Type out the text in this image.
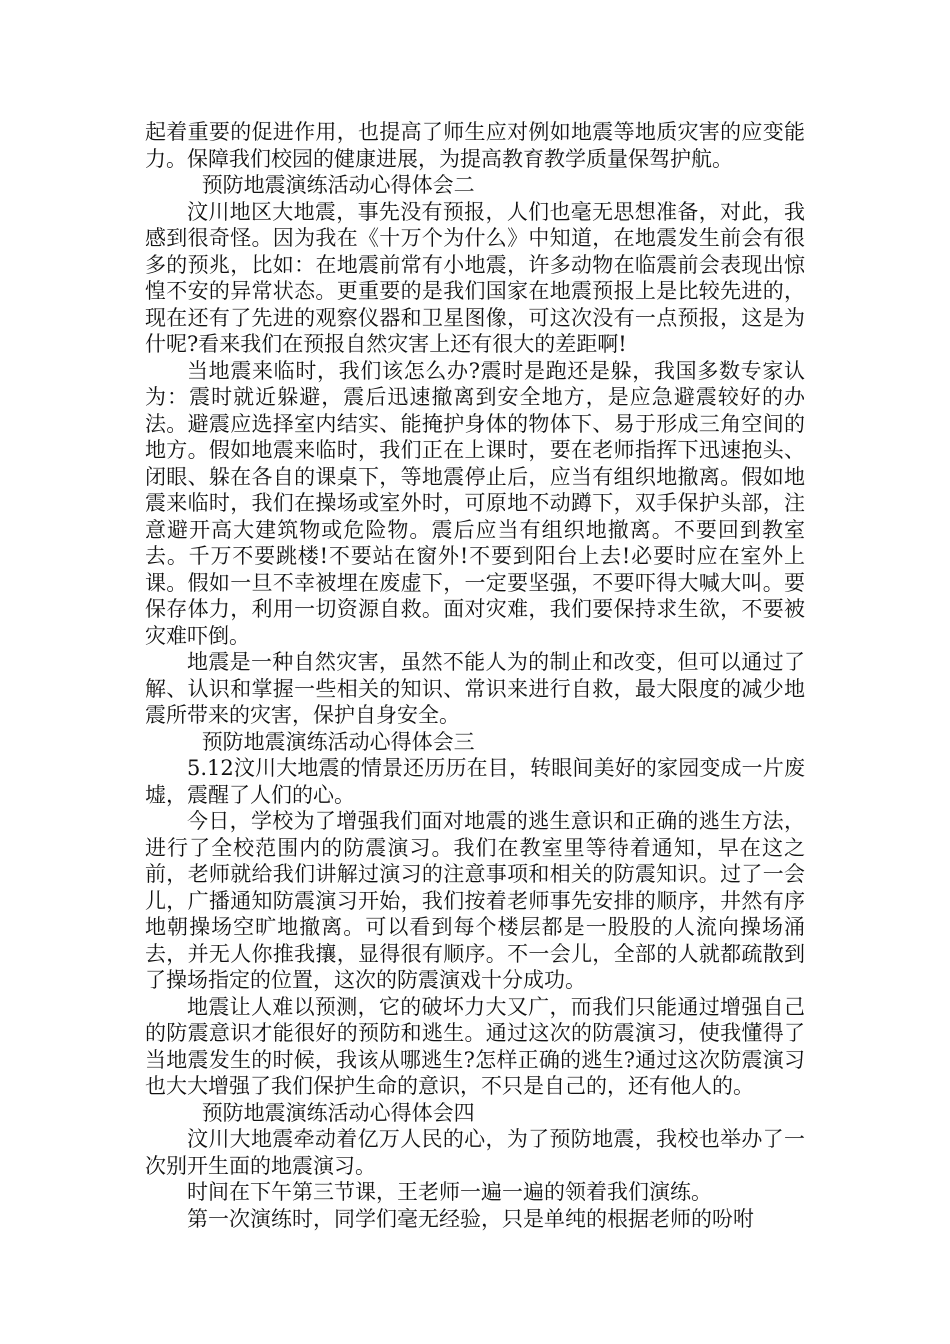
起着重要的促进作用，也提高了师生应对例如地震等地质灾害的应变能力。保障我们校园的健康进展，为提高教育教学质量保驾护航。

预防地震演练活动心得体会二

汶川地区大地震，事先没有预报，人们也毫无思想准备，对此，我感到很奇怪。因为我在《十万个为什么》中知道，在地震发生前会有很多的预兆，比如：在地震前常有小地震，许多动物在临震前会表现出惊惶不安的异常状态。更重要的是我们国家在地震预报上是比较先进的，现在还有了先进的观察仪器和卫星图像，可这次没有一点预报，这是为什呢?看来我们在预报自然灾害上还有很大的差距啊!

当地震来临时，我们该怎么办?震时是跑还是躲，我国多数专家认为：震时就近躲避，震后迅速撤离到安全地方，是应急避震较好的办法。避震应选择室内结实、能掩护身体的物体下、易于形成三角空间的地方。假如地震来临时，我们正在上课时，要在老师指挥下迅速抱头、闭眼、躲在各自的课桌下，等地震停止后，应当有组织地撤离。假如地震来临时，我们在操场或室外时，可原地不动蹲下，双手保护头部，注意避开高大建筑物或危险物。震后应当有组织地撤离。不要回到教室去。千万不要跳楼!不要站在窗外!不要到阳台上去!必要时应在室外上课。假如一旦不幸被埋在废虚下，一定要坚强，不要吓得大喊大叫。要保存体力，利用一切资源自救。面对灾难，我们要保持求生欲，不要被灾难吓倒。

地震是一种自然灾害，虽然不能人为的制止和改变，但可以通过了解、认识和掌握一些相关的知识、常识来进行自救，最大限度的减少地震所带来的灾害，保护自身安全。

预防地震演练活动心得体会三

5.12汶川大地震的情景还历历在目，转眼间美好的家园变成一片废墟，震醒了人们的心。

今日，学校为了增强我们面对地震的逃生意识和正确的逃生方法，进行了全校范围内的防震演习。我们在教室里等待着通知，早在这之前，老师就给我们讲解过演习的注意事项和相关的防震知识。过了一会儿，广播通知防震演习开始，我们按着老师事先安排的顺序，井然有序地朝操场空旷地撤离。可以看到每个楼层都是一股股的人流向操场涌去，并无人你推我攘，显得很有顺序。不一会儿，全部的人就都疏散到了操场指定的位置，这次的防震演戏十分成功。

地震让人难以预测，它的破坏力大又广，而我们只能通过增强自己的防震意识才能很好的预防和逃生。通过这次的防震演习，使我懂得了当地震发生的时候，我该从哪逃生?怎样正确的逃生?通过这次防震演习也大大增强了我们保护生命的意识，不只是自己的，还有他人的。

预防地震演练活动心得体会四

汶川大地震牵动着亿万人民的心，为了预防地震，我校也举办了一次别开生面的地震演习。

时间在下午第三节课，王老师一遍一遍的领着我们演练。

第一次演练时，同学们毫无经验，只是单纯的根据老师的吩咐
